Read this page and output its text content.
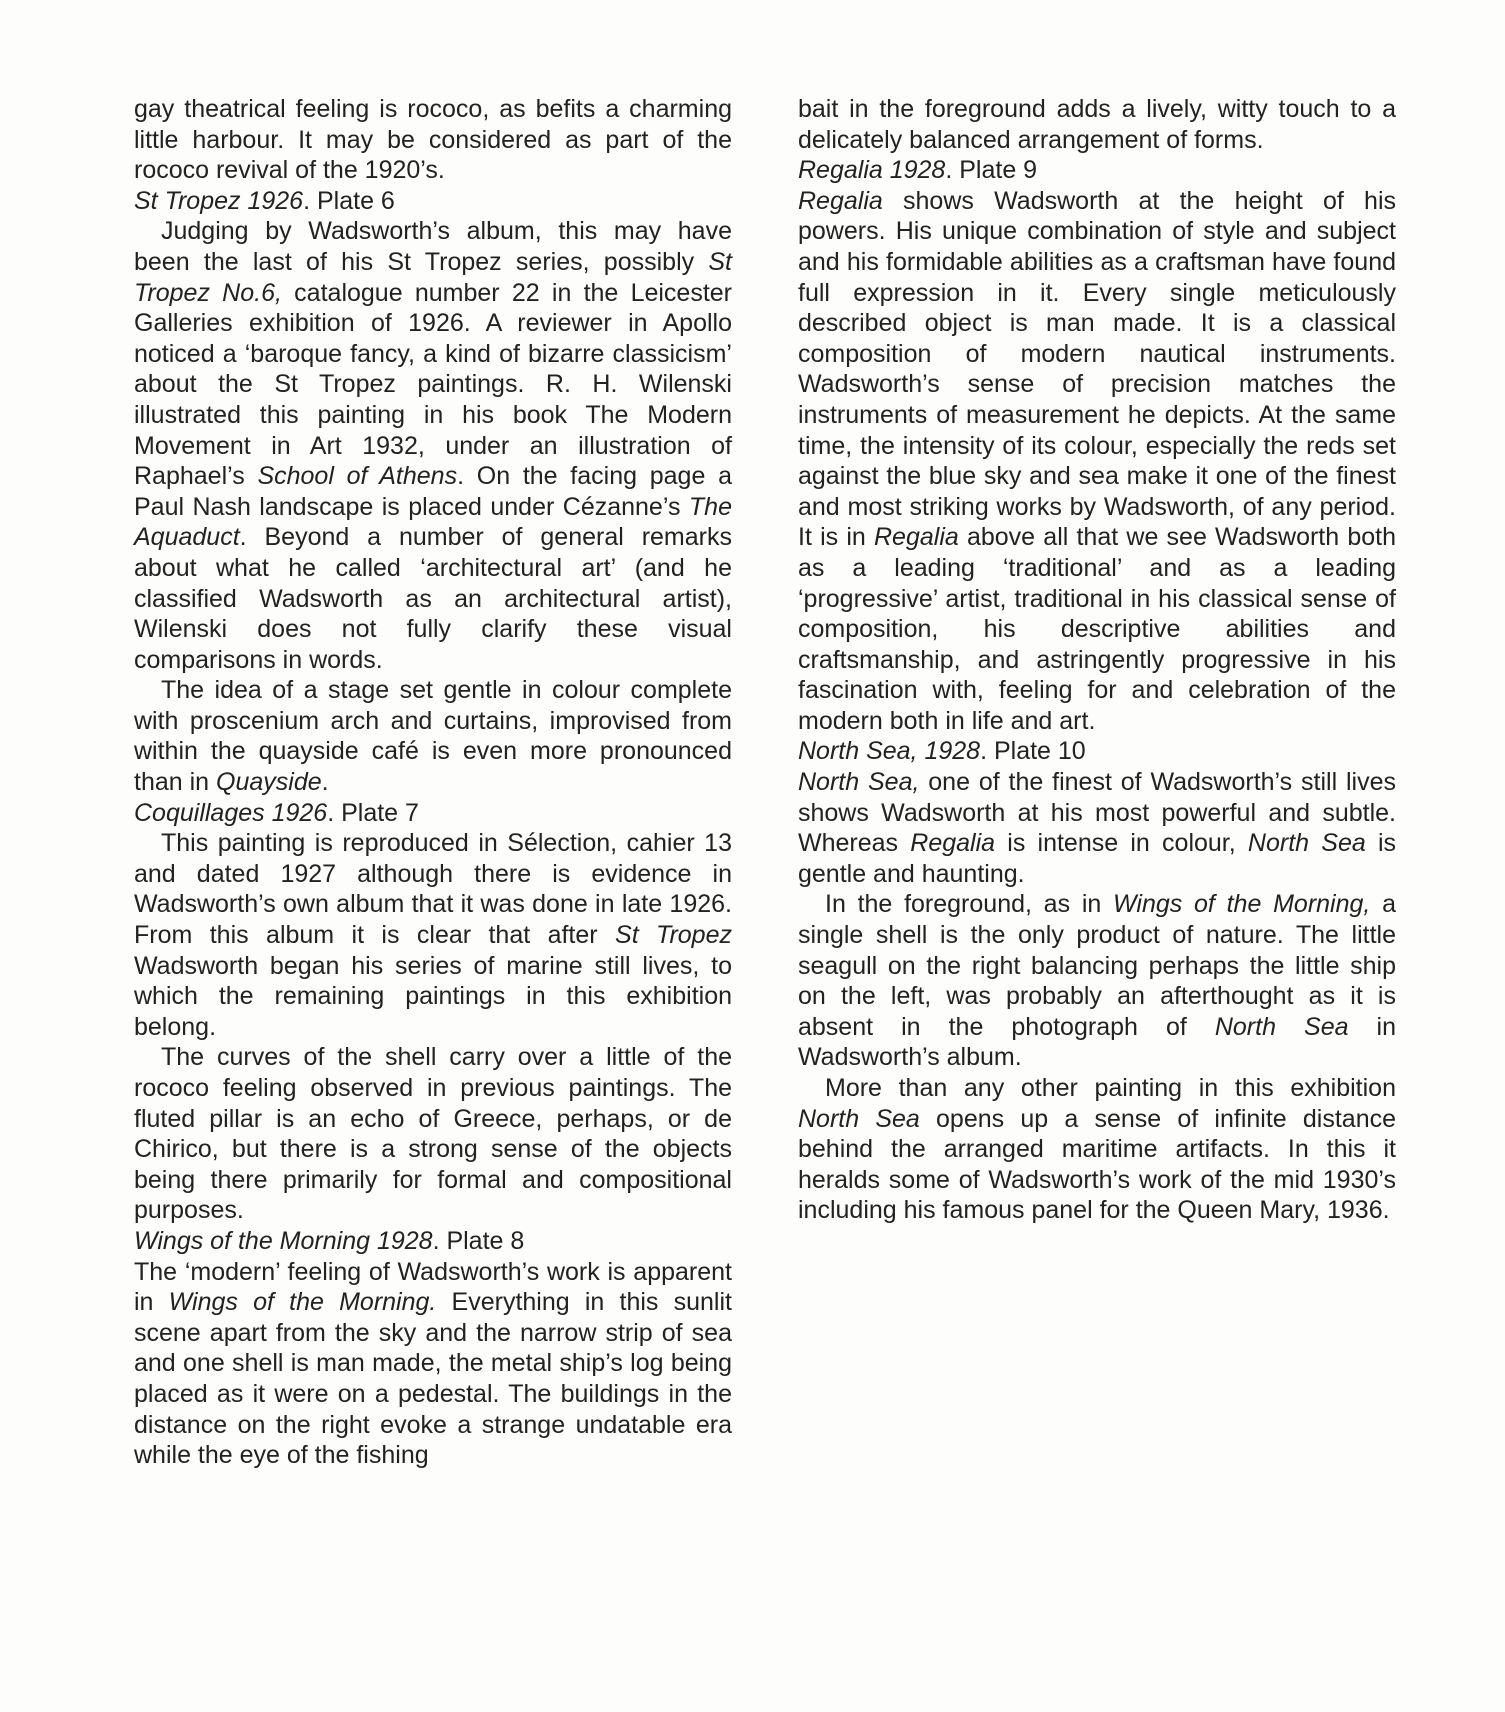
gay theatrical feeling is rococo, as befits a charming little harbour. It may be considered as part of the rococo revival of the 1920’s.

St Tropez 1926. Plate 6

Judging by Wadsworth’s album, this may have been the last of his St Tropez series, possibly St Tropez No.6, catalogue number 22 in the Leicester Galleries exhibition of 1926. A reviewer in Apollo noticed a ‘baroque fancy, a kind of bizarre classicism’ about the St Tropez paintings. R. H. Wilenski illustrated this painting in his book The Modern Movement in Art 1932, under an illustration of Raphael’s School of Athens. On the facing page a Paul Nash landscape is placed under Cézanne’s The Aquaduct. Beyond a number of general remarks about what he called ‘architectural art’ (and he classified Wadsworth as an architectural artist), Wilenski does not fully clarify these visual comparisons in words.

The idea of a stage set gentle in colour complete with proscenium arch and curtains, improvised from within the quayside café is even more pronounced than in Quayside.

Coquillages 1926. Plate 7

This painting is reproduced in Sélection, cahier 13 and dated 1927 although there is evidence in Wadsworth’s own album that it was done in late 1926. From this album it is clear that after St Tropez Wadsworth began his series of marine still lives, to which the remaining paintings in this exhibition belong.

The curves of the shell carry over a little of the rococo feeling observed in previous paintings. The fluted pillar is an echo of Greece, perhaps, or de Chirico, but there is a strong sense of the objects being there primarily for formal and compositional purposes.

Wings of the Morning 1928. Plate 8

The ‘modern’ feeling of Wadsworth’s work is apparent in Wings of the Morning. Everything in this sunlit scene apart from the sky and the narrow strip of sea and one shell is man made, the metal ship’s log being placed as it were on a pedestal. The buildings in the distance on the right evoke a strange undatable era while the eye of the fishing

bait in the foreground adds a lively, witty touch to a delicately balanced arrangement of forms.

Regalia 1928. Plate 9

Regalia shows Wadsworth at the height of his powers. His unique combination of style and subject and his formidable abilities as a craftsman have found full expression in it. Every single meticulously described object is man made. It is a classical composition of modern nautical instruments. Wadsworth’s sense of precision matches the instruments of measurement he depicts. At the same time, the intensity of its colour, especially the reds set against the blue sky and sea make it one of the finest and most striking works by Wadsworth, of any period. It is in Regalia above all that we see Wadsworth both as a leading ‘traditional’ and as a leading ‘progressive’ artist, traditional in his classical sense of composition, his descriptive abilities and craftsmanship, and astringently progressive in his fascination with, feeling for and celebration of the modern both in life and art.

North Sea, 1928. Plate 10

North Sea, one of the finest of Wadsworth’s still lives shows Wadsworth at his most powerful and subtle. Whereas Regalia is intense in colour, North Sea is gentle and haunting.

In the foreground, as in Wings of the Morning, a single shell is the only product of nature. The little seagull on the right balancing perhaps the little ship on the left, was probably an afterthought as it is absent in the photograph of North Sea in Wadsworth’s album.

More than any other painting in this exhibition North Sea opens up a sense of infinite distance behind the arranged maritime artifacts. In this it heralds some of Wadsworth’s work of the mid 1930’s including his famous panel for the Queen Mary, 1936.
